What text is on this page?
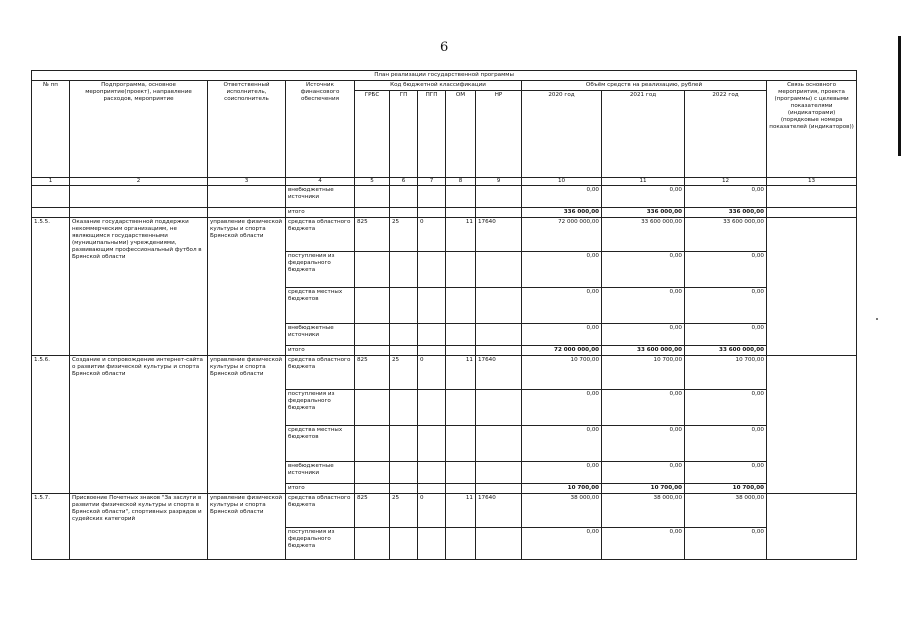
6
План реализации государственной программы												
№ пп	Подпрограмма, основное мероприятие(проект), направление расходов, мероприятие	Ответственный исполнитель, соисполнитель	Источник финансового обеспечения	Код бюджетной классификации					Объём средств на реализацию, рублей			Связь основного мероприятия, проекта (программы) с целевыми показателями (индикаторами) (порядковые номера показателей (индикаторов))
				ГРБС	ГП	ПГП	ОМ	НР	2020 год	2021 год	2022 год	

1	2	3	4	5	6	7	8	9	10	11	12	13
			внебюджетные источники						0,00	0,00	0,00	
			итого						336 000,00	336 000,00	336 000,00	
1.5.5.	Оказание государственной поддержки некоммерческим организациям, не являющимся государственными (муниципальными) учреждениями, развивающим профессиональный футбол в Брянской области	управление физической культуры и спорта Брянской области	средства областного бюджета	825	25	0	11	17640	72 000 000,00	33 600 000,00	33 600 000,00	
			поступления из федерального бюджета						0,00	0,00	0,00	
			средства местных бюджетов						0,00	0,00	0,00	
			внебюджетные источники						0,00	0,00	0,00	
			итого						72 000 000,00	33 600 000,00	33 600 000,00	
1.5.6.	Создание и сопровождение интернет-сайта о развитии физической культуры и спорта Брянской области	управление физической культуры и спорта Брянской области	средства областного бюджета	825	25	0	11	17640	10 700,00	10 700,00	10 700,00	
			поступления из федерального бюджета						0,00	0,00	0,00	
			средства местных бюджетов						0,00	0,00	0,00	
			внебюджетные источники						0,00	0,00	0,00	
			итого						10 700,00	10 700,00	10 700,00	
1.5.7.	Присвоение Почетных знаков "За заслуги в развитии физической культуры и спорта в Брянской области", спортивных разрядов и судейских категорий	управление физической культуры и спорта Брянской области	средства областного бюджета	825	25	0	11	17640	38 000,00	38 000,00	38 000,00	
			поступления из федерального бюджета						0,00	0,00	0,00	
